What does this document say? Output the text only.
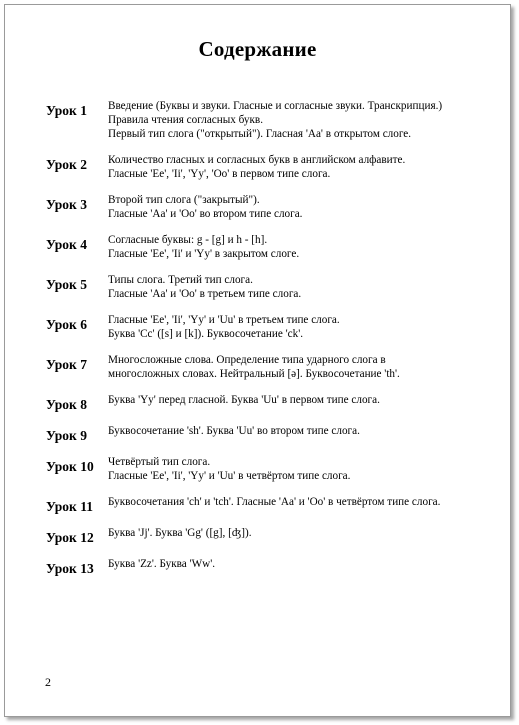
Содержание
Урок 1	Введение (Буквы и звуки. Гласные и согласные звуки. Транскрипция.)
Правила чтения согласных букв.
Первый тип слога ("открытый"). Гласная 'Aa' в открытом слоге.
Урок 2	Количество гласных и согласных букв в английском алфавите.
Гласные 'Ee', 'Ii', 'Yy', 'Oo' в первом типе слога.
Урок 3	Второй тип слога ("закрытый").
Гласные 'Aa' и 'Oo' во втором типе слога.
Урок 4	Согласные буквы: g - [g] и h - [h].
Гласные 'Ee', 'Ii' и 'Yy' в закрытом слоге.
Урок 5	Типы слога. Третий тип слога.
Гласные 'Aa' и 'Oo' в третьем типе слога.
Урок 6	Гласные 'Ee', 'Ii', 'Yy' и 'Uu' в третьем типе слога.
Буква 'Cc' ([s] и [k]). Буквосочетание 'ck'.
Урок 7	Многосложные слова. Определение типа ударного слога в
многосложных словах. Нейтральный [ə]. Буквосочетание 'th'.
Урок 8	Буква 'Yy' перед гласной. Буква 'Uu' в первом типе слога.
Урок 9	Буквосочетание 'sh'. Буква 'Uu' во втором типе слога.
Урок 10	Четвёртый тип слога.
Гласные 'Ee', 'Ii', 'Yy' и 'Uu' в четвёртом типе слога.
Урок 11	Буквосочетания 'ch' и 'tch'. Гласные 'Aa' и 'Oo' в четвёртом типе слога.
Урок 12	Буква 'Jj'. Буква 'Gg' ([g], [ʤ]).
Урок 13	Буква 'Zz'. Буква 'Ww'.
2
